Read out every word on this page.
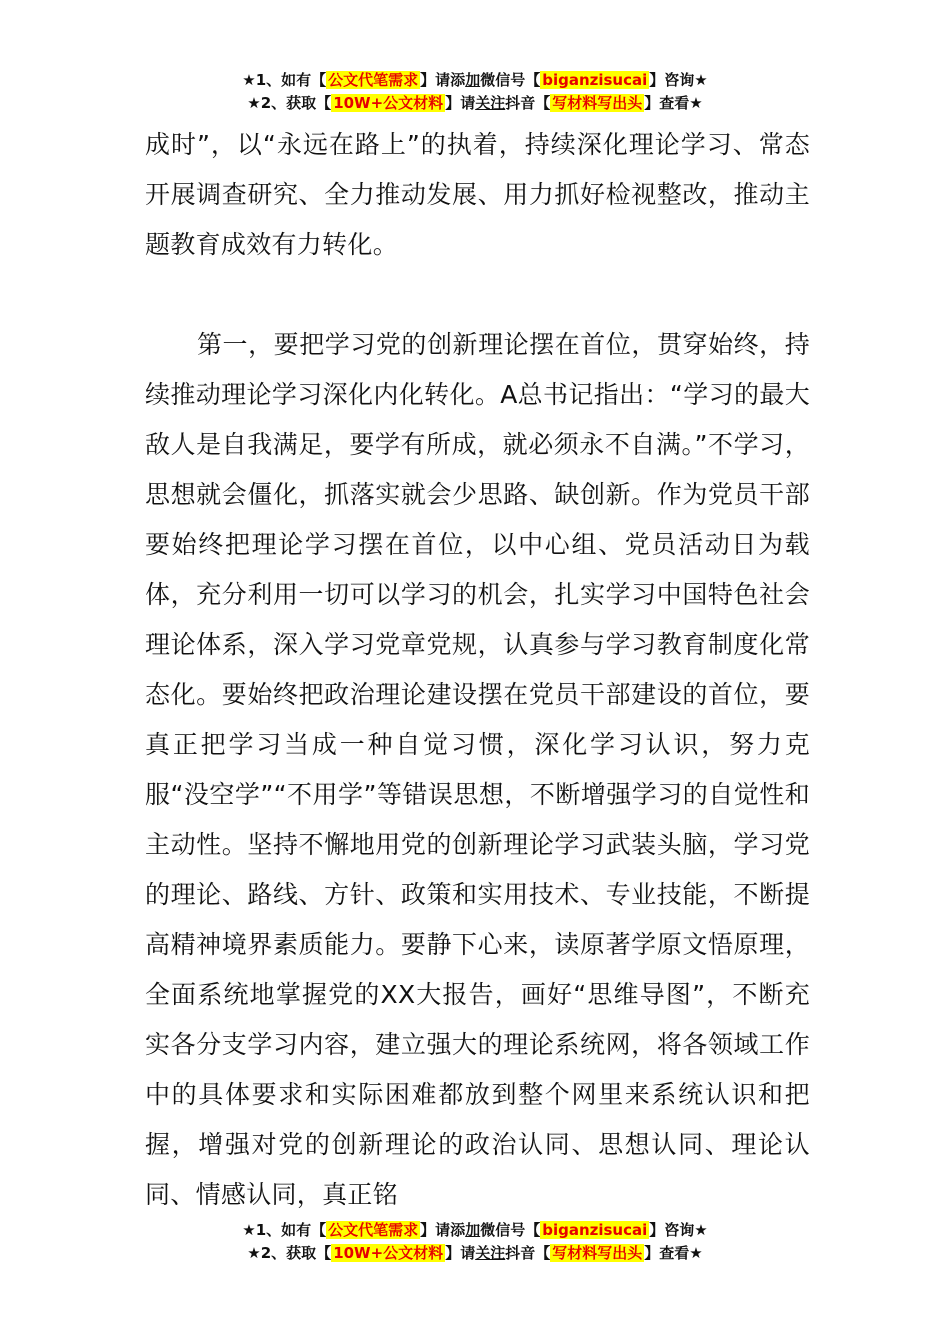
★1、如有【 公文代笔需求 】请添加微信号【 biganzisucai 】咨询★
★2、获取【 10W+公文材料 】请关注抖音【 写材料写出头 】查看★

成时”，以“永远在路上”的执着，持续深化理论学习、常态开展调查研究、全力推动发展、用力抓好检视整改，推动主题教育成效有力转化。

第一，要把学习党的创新理论摆在首位，贯穿始终，持续推动理论学习深化内化转化。A总书记指出：“学习的最大敌人是自我满足，要学有所成，就必须永不自满。”不学习，思想就会僵化，抓落实就会少思路、缺创新。作为党员干部要始终把理论学习摆在首位，以中心组、党员活动日为载体，充分利用一切可以学习的机会，扎实学习中国特色社会理论体系，深入学习党章党规，认真参与学习教育制度化常态化。要始终把政治理论建设摆在党员干部建设的首位，要真正把学习当成一种自觉习惯，深化学习认识，努力克服“没空学”“不用学”等错误思想，不断增强学习的自觉性和主动性。坚持不懈地用党的创新理论学习武装头脑，学习党的理论、路线、方针、政策和实用技术、专业技能，不断提高精神境界素质能力。要静下心来，读原著学原文悟原理，全面系统地掌握党的XX大报告，画好“思维导图”，不断充实各分支学习内容，建立强大的理论系统网，将各领域工作中的具体要求和实际困难都放到整个网里来系统认识和把握，增强对党的创新理论的政治认同、思想认同、理论认同、情感认同，真正铭

★1、如有【 公文代笔需求 】请添加微信号【 biganzisucai 】咨询★
★2、获取【 10W+公文材料 】请关注抖音【 写材料写出头 】查看★
